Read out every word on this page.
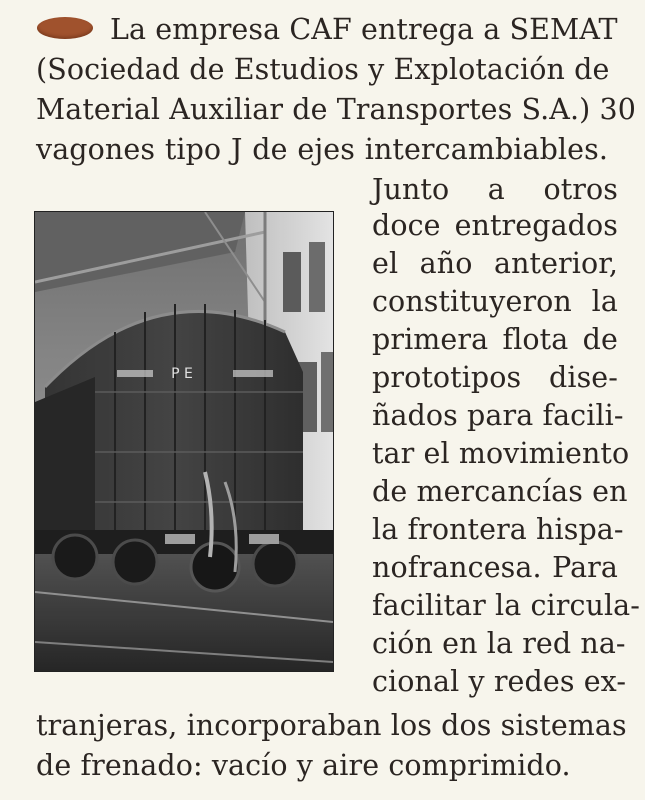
La empresa CAF entrega a SEMAT
(Sociedad de Estudios y Explotación de
Material Auxiliar de Transportes S.A.) 30
vagones tipo J de ejes intercambiables.
Junto a otros
doce entregados
el año anterior,
constituyeron la
primera flota de
prototipos dise-
ñados para facili-
tar el movimiento
de mercancías en
la frontera hispa-
nofrancesa. Para
facilitar la circula-
ción en la red na-
cional y redes ex-
tranjeras, incorporaban los dos sistemas
de frenado: vacío y aire comprimido.
P E
